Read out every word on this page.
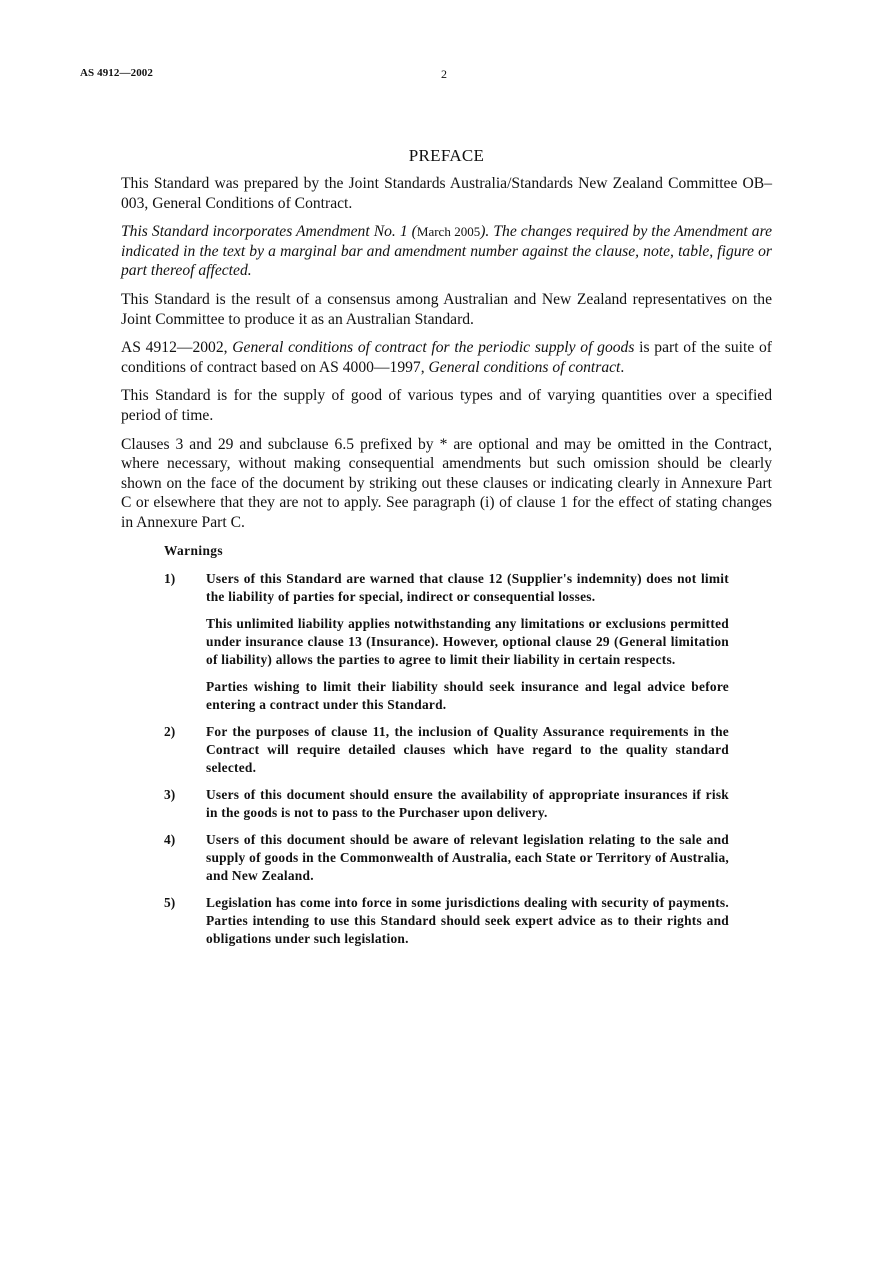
AS 4912—2002	2
PREFACE

This Standard was prepared by the Joint Standards Australia/Standards New Zealand Committee OB–003, General Conditions of Contract.

This Standard incorporates Amendment No. 1 (March 2005). The changes required by the Amendment are indicated in the text by a marginal bar and amendment number against the clause, note, table, figure or part thereof affected.

This Standard is the result of a consensus among Australian and New Zealand representatives on the Joint Committee to produce it as an Australian Standard.

AS 4912—2002, General conditions of contract for the periodic supply of goods is part of the suite of conditions of contract based on AS 4000—1997, General conditions of contract.

This Standard is for the supply of good of various types and of varying quantities over a specified period of time.

Clauses 3 and 29 and subclause 6.5 prefixed by * are optional and may be omitted in the Contract, where necessary, without making consequential amendments but such omission should be clearly shown on the face of the document by striking out these clauses or indicating clearly in Annexure Part C or elsewhere that they are not to apply. See paragraph (i) of clause 1 for the effect of stating changes in Annexure Part C.

Warnings
1)	Users of this Standard are warned that clause 12 (Supplier's indemnity) does not limit the liability of parties for special, indirect or consequential losses.

This unlimited liability applies notwithstanding any limitations or exclusions permitted under insurance clause 13 (Insurance). However, optional clause 29 (General limitation of liability) allows the parties to agree to limit their liability in certain respects.

Parties wishing to limit their liability should seek insurance and legal advice before entering a contract under this Standard.

2)	For the purposes of clause 11, the inclusion of Quality Assurance requirements in the Contract will require detailed clauses which have regard to the quality standard selected.

3)	Users of this document should ensure the availability of appropriate insurances if risk in the goods is not to pass to the Purchaser upon delivery.

4)	Users of this document should be aware of relevant legislation relating to the sale and supply of goods in the Commonwealth of Australia, each State or Territory of Australia, and New Zealand.

5)	Legislation has come into force in some jurisdictions dealing with security of payments. Parties intending to use this Standard should seek expert advice as to their rights and obligations under such legislation.
